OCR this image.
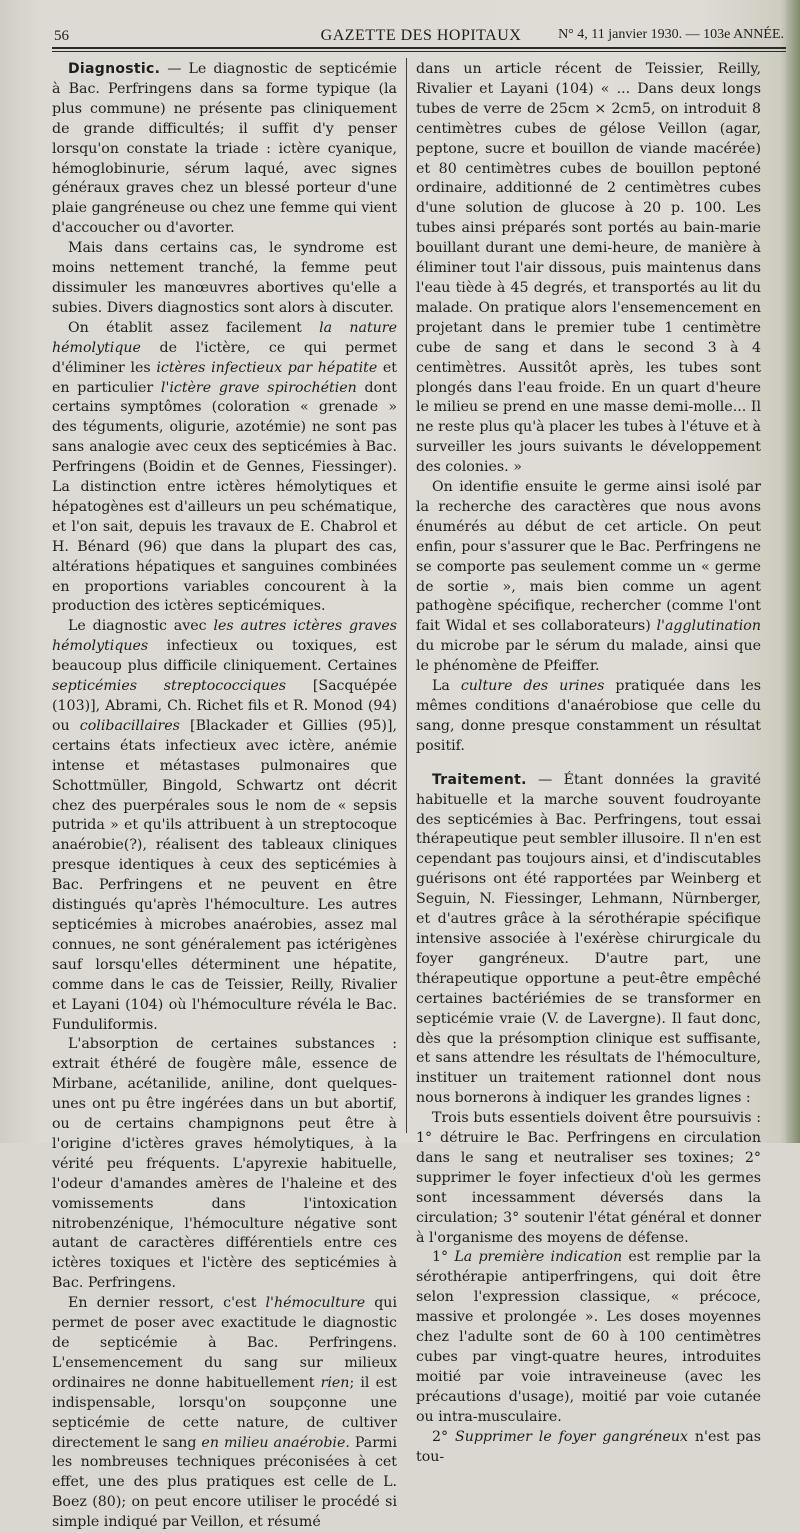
56	GAZETTE DES HOPITAUX	N° 4, 11 janvier 1930. — 103e ANNÉE.

Diagnostic. — Le diagnostic de septicémie à Bac. Perfringens dans sa forme typique (la plus commune) ne présente pas cliniquement de grande difficultés; il suffit d'y penser lorsqu'on constate la triade : ictère cyanique, hémoglobinurie, sérum laqué, avec signes généraux graves chez un blessé porteur d'une plaie gangréneuse ou chez une femme qui vient d'accoucher ou d'avorter.

Mais dans certains cas, le syndrome est moins nettement tranché, la femme peut dissimuler les manœuvres abortives qu'elle a subies. Divers diagnostics sont alors à discuter.

On établit assez facilement la nature hémolytique de l'ictère, ce qui permet d'éliminer les ictères infectieux par hépatite et en particulier l'ictère grave spirochétien dont certains symptômes (coloration « grenade » des téguments, oligurie, azotémie) ne sont pas sans analogie avec ceux des septicémies à Bac. Perfringens (Boidin et de Gennes, Fiessinger). La distinction entre ictères hémolytiques et hépatogènes est d'ailleurs un peu schématique, et l'on sait, depuis les travaux de E. Chabrol et H. Bénard (96) que dans la plupart des cas, altérations hépatiques et sanguines combinées en proportions variables concourent à la production des ictères septicémiques.

Le diagnostic avec les autres ictères graves hémolytiques infectieux ou toxiques, est beaucoup plus difficile cliniquement. Certaines septicémies streptococciques [Sacquépée (103)], Abrami, Ch. Richet fils et R. Monod (94) ou colibacillaires [Blackader et Gillies (95)], certains états infectieux avec ictère, anémie intense et métastases pulmonaires que Schottmüller, Bingold, Schwartz ont décrit chez des puerpérales sous le nom de « sepsis putrida » et qu'ils attribuent à un streptocoque anaérobie(?), réalisent des tableaux cliniques presque identiques à ceux des septicémies à Bac. Perfringens et ne peuvent en être distingués qu'après l'hémoculture. Les autres septicémies à microbes anaérobies, assez mal connues, ne sont généralement pas ictérigènes sauf lorsqu'elles déterminent une hépatite, comme dans le cas de Teissier, Reilly, Rivalier et Layani (104) où l'hémoculture révéla le Bac. Funduliformis.

L'absorption de certaines substances : extrait éthéré de fougère mâle, essence de Mirbane, acétanilide, aniline, dont quelques-unes ont pu être ingérées dans un but abortif, ou de certains champignons peut être à l'origine d'ictères graves hémolytiques, à la vérité peu fréquents. L'apyrexie habituelle, l'odeur d'amandes amères de l'haleine et des vomissements dans l'intoxication nitrobenzénique, l'hémoculture négative sont autant de caractères différentiels entre ces ictères toxiques et l'ictère des septicémies à Bac. Perfringens.

En dernier ressort, c'est l'hémoculture qui permet de poser avec exactitude le diagnostic de septicémie à Bac. Perfringens. L'ensemencement du sang sur milieux ordinaires ne donne habituellement rien; il est indispensable, lorsqu'on soupçonne une septicémie de cette nature, de cultiver directement le sang en milieu anaérobie. Parmi les nombreuses techniques préconisées à cet effet, une des plus pratiques est celle de L. Boez (80); on peut encore utiliser le procédé si simple indiqué par Veillon, et résumé

dans un article récent de Teissier, Reilly, Rivalier et Layani (104) « ... Dans deux longs tubes de verre de 25cm × 2cm5, on introduit 8 centimètres cubes de gélose Veillon (agar, peptone, sucre et bouillon de viande macérée) et 80 centimètres cubes de bouillon peptoné ordinaire, additionné de 2 centimètres cubes d'une solution de glucose à 20 p. 100. Les tubes ainsi préparés sont portés au bain-marie bouillant durant une demi-heure, de manière à éliminer tout l'air dissous, puis maintenus dans l'eau tiède à 45 degrés, et transportés au lit du malade. On pratique alors l'ensemencement en projetant dans le premier tube 1 centimètre cube de sang et dans le second 3 à 4 centimètres. Aussitôt après, les tubes sont plongés dans l'eau froide. En un quart d'heure le milieu se prend en une masse demi-molle... Il ne reste plus qu'à placer les tubes à l'étuve et à surveiller les jours suivants le développement des colonies. »

On identifie ensuite le germe ainsi isolé par la recherche des caractères que nous avons énumérés au début de cet article. On peut enfin, pour s'assurer que le Bac. Perfringens ne se comporte pas seulement comme un « germe de sortie », mais bien comme un agent pathogène spécifique, rechercher (comme l'ont fait Widal et ses collaborateurs) l'agglutination du microbe par le sérum du malade, ainsi que le phénomène de Pfeiffer.

La culture des urines pratiquée dans les mêmes conditions d'anaérobiose que celle du sang, donne presque constamment un résultat positif.

Traitement. — Étant données la gravité habituelle et la marche souvent foudroyante des septicémies à Bac. Perfringens, tout essai thérapeutique peut sembler illusoire. Il n'en est cependant pas toujours ainsi, et d'indiscutables guérisons ont été rapportées par Weinberg et Seguin, N. Fiessinger, Lehmann, Nürnberger, et d'autres grâce à la sérothérapie spécifique intensive associée à l'exérèse chirurgicale du foyer gangréneux. D'autre part, une thérapeutique opportune a peut-être empêché certaines bactériémies de se transformer en septicémie vraie (V. de Lavergne). Il faut donc, dès que la présomption clinique est suffisante, et sans attendre les résultats de l'hémoculture, instituer un traitement rationnel dont nous nous bornerons à indiquer les grandes lignes :

Trois buts essentiels doivent être poursuivis : 1° détruire le Bac. Perfringens en circulation dans le sang et neutraliser ses toxines; 2° supprimer le foyer infectieux d'où les germes sont incessamment déversés dans la circulation; 3° soutenir l'état général et donner à l'organisme des moyens de défense.

1° La première indication est remplie par la sérothérapie antiperfringens, qui doit être selon l'expression classique, « précoce, massive et prolongée ». Les doses moyennes chez l'adulte sont de 60 à 100 centimètres cubes par vingt-quatre heures, introduites moitié par voie intraveineuse (avec les précautions d'usage), moitié par voie cutanée ou intra-musculaire.

2° Supprimer le foyer gangréneux n'est pas tou-
